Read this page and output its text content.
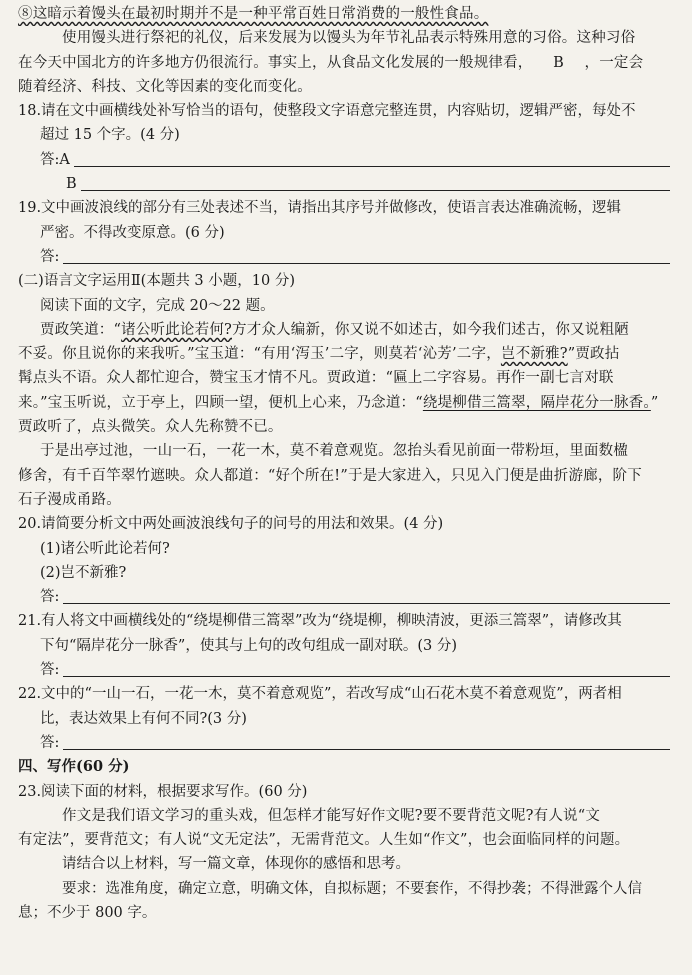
⑧这暗示着馒头在最初时期并不是一种平常百姓日常消费的一般性食品。
使用馒头进行祭祀的礼仪，后来发展为以馒头为年节礼品表示特殊用意的习俗。这种习俗
在今天中国北方的许多地方仍很流行。事实上，从食品文化发展的一般规律看， B ，一定会
随着经济、科技、文化等因素的变化而变化。
18.请在文中画横线处补写恰当的语句，使整段文字语意完整连贯，内容贴切，逻辑严密，每处不
超过 15 个字。(4 分)
答:A
B
19.文中画波浪线的部分有三处表述不当，请指出其序号并做修改，使语言表达准确流畅，逻辑
严密。不得改变原意。(6 分)
答:
(二)语言文字运用Ⅱ(本题共 3 小题，10 分)
阅读下面的文字，完成 20～22 题。
贾政笑道：“诸公听此论若何?方才众人编新，你又说不如述古，如今我们述古，你又说粗陋
不妥。你且说你的来我听。”宝玉道：“有用‘泻玉’二字，则莫若‘沁芳’二字，岂不新雅?”贾政拈
髯点头不语。众人都忙迎合，赞宝玉才情不凡。贾政道：“匾上二字容易。再作一副七言对联
来。”宝玉听说，立于亭上，四顾一望，便机上心来，乃念道：“绕堤柳借三篙翠，隔岸花分一脉香。”
贾政听了，点头微笑。众人先称赞不已。
于是出亭过池，一山一石，一花一木，莫不着意观览。忽抬头看见前面一带粉垣，里面数楹
修舍，有千百竿翠竹遮映。众人都道：“好个所在!”于是大家进入，只见入门便是曲折游廊，阶下
石子漫成甬路。
20.请简要分析文中两处画波浪线句子的问号的用法和效果。(4 分)
(1)诸公听此论若何?
(2)岂不新雅?
答:
21.有人将文中画横线处的“绕堤柳借三篙翠”改为“绕堤柳，柳映清波，更添三篙翠”，请修改其
下句“隔岸花分一脉香”，使其与上句的改句组成一副对联。(3 分)
答:
22.文中的“一山一石，一花一木，莫不着意观览”，若改写成“山石花木莫不着意观览”，两者相
比，表达效果上有何不同?(3 分)
答:
四、写作(60 分)
23.阅读下面的材料，根据要求写作。(60 分)
作文是我们语文学习的重头戏，但怎样才能写好作文呢?要不要背范文呢?有人说“文
有定法”，要背范文；有人说“文无定法”，无需背范文。人生如“作文”，也会面临同样的问题。
请结合以上材料，写一篇文章，体现你的感悟和思考。
要求：选准角度，确定立意，明确文体，自拟标题；不要套作，不得抄袭；不得泄露个人信
息；不少于 800 字。
